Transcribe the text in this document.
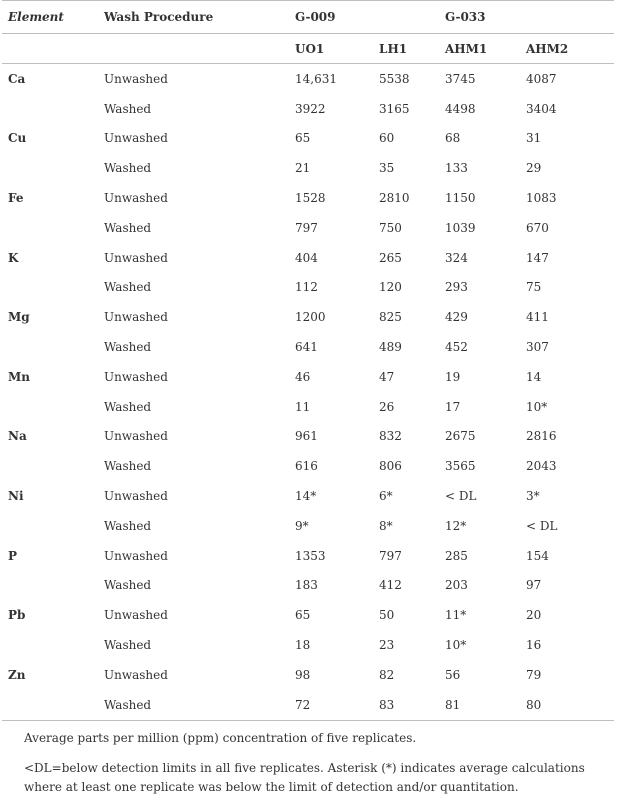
Element	Wash Procedure	G-009		G-033	
		UO1	LH1	AHM1	AHM2
Ca	Unwashed	14,631	5538	3745	4087
	Washed	3922	3165	4498	3404
Cu	Unwashed	65	60	68	31
	Washed	21	35	133	29
Fe	Unwashed	1528	2810	1150	1083
	Washed	797	750	1039	670
K	Unwashed	404	265	324	147
	Washed	112	120	293	75
Mg	Unwashed	1200	825	429	411
	Washed	641	489	452	307
Mn	Unwashed	46	47	19	14
	Washed	11	26	17	10*
Na	Unwashed	961	832	2675	2816
	Washed	616	806	3565	2043
Ni	Unwashed	14*	6*	< DL	3*
	Washed	9*	8*	12*	< DL
P	Unwashed	1353	797	285	154
	Washed	183	412	203	97
Pb	Unwashed	65	50	11*	20
	Washed	18	23	10*	16
Zn	Unwashed	98	82	56	79
	Washed	72	83	81	80

Average parts per million (ppm) concentration of five replicates.

<DL=below detection limits in all five replicates. Asterisk (*) indicates average calculations where at least one replicate was below the limit of detection and/or quantitation.
